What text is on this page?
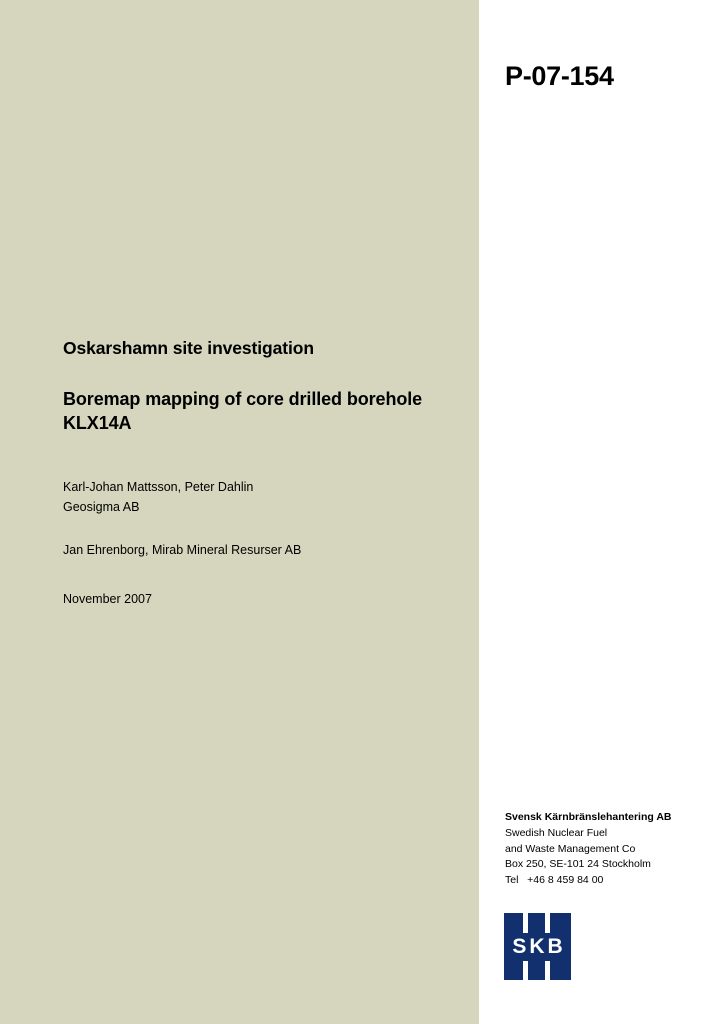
P-07-154
Oskarshamn site investigation
Boremap mapping of core drilled borehole KLX14A

Karl-Johan Mattsson, Peter Dahlin

Geosigma AB

Jan Ehrenborg, Mirab Mineral Resurser AB

November 2007

Svensk Kärnbränslehantering AB

Swedish Nuclear Fuel

and Waste Management Co

Box 250, SE-101 24 Stockholm

Tel   +46 8 459 84 00

SKB
